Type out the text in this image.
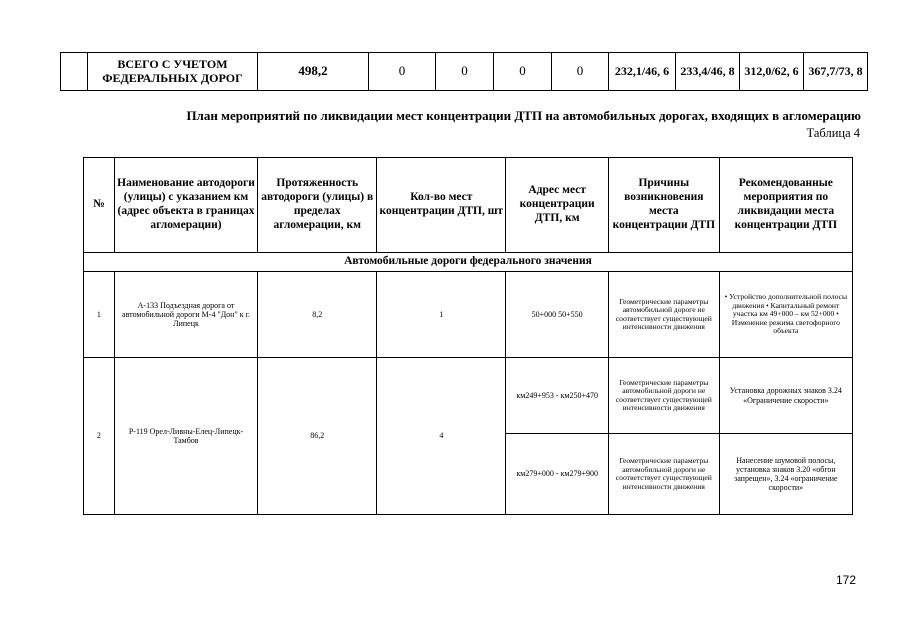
	ВСЕГО С УЧЕТОМ ФЕДЕРАЛЬНЫХ ДОРОГ	498,2	0	0	0	0	232,1/46, 6	233,4/46, 8	312,0/62, 6	367,7/73, 8
План мероприятий по ликвидации мест концентрации ДТП на автомобильных дорогах, входящих в агломерацию
Таблица 4
№	Наименование автодороги (улицы) с указанием км (адрес объекта в границах агломерации)	Протяженность автодороги (улицы) в пределах агломерации, км	Кол-во мест концентрации ДТП, шт	Адрес мест концентрации ДТП, км	Причины возникновения места концентрации ДТП	Рекомендованные мероприятия по ликвидации места концентрации ДТП
Автомобильные дороги федерального значения						
1	А-133 Подъездная дорога от автомобильной дороги М-4 "Дон" к г. Липецк	8,2	1	50+000 50+550	Геометрические параметры автомобильной дороге не соответствует существующей интенсивности движения	• Устройство дополнительной полосы движения • Капитальный ремонт участка км 49+000 – км 52+000 • Изменение режима светофорного объекта
2	Р-119 Орел-Ливны-Елец-Липецк-Тамбов	86,2	4	км249+953 - км250+470	Геометрические параметры автомобильной дороги не соответствует существующей интенсивности движения	Установка дорожных знаков 3.24 «Ограничение скорости»
				км279+000 - км279+900	Геометрические параметры автомобильной дороги не соответствует существующей интенсивности движения	Нанесение шумовой полосы, установка знаков 3.20 «обгон запрещен», 3.24 «ограничение скорости»
172
